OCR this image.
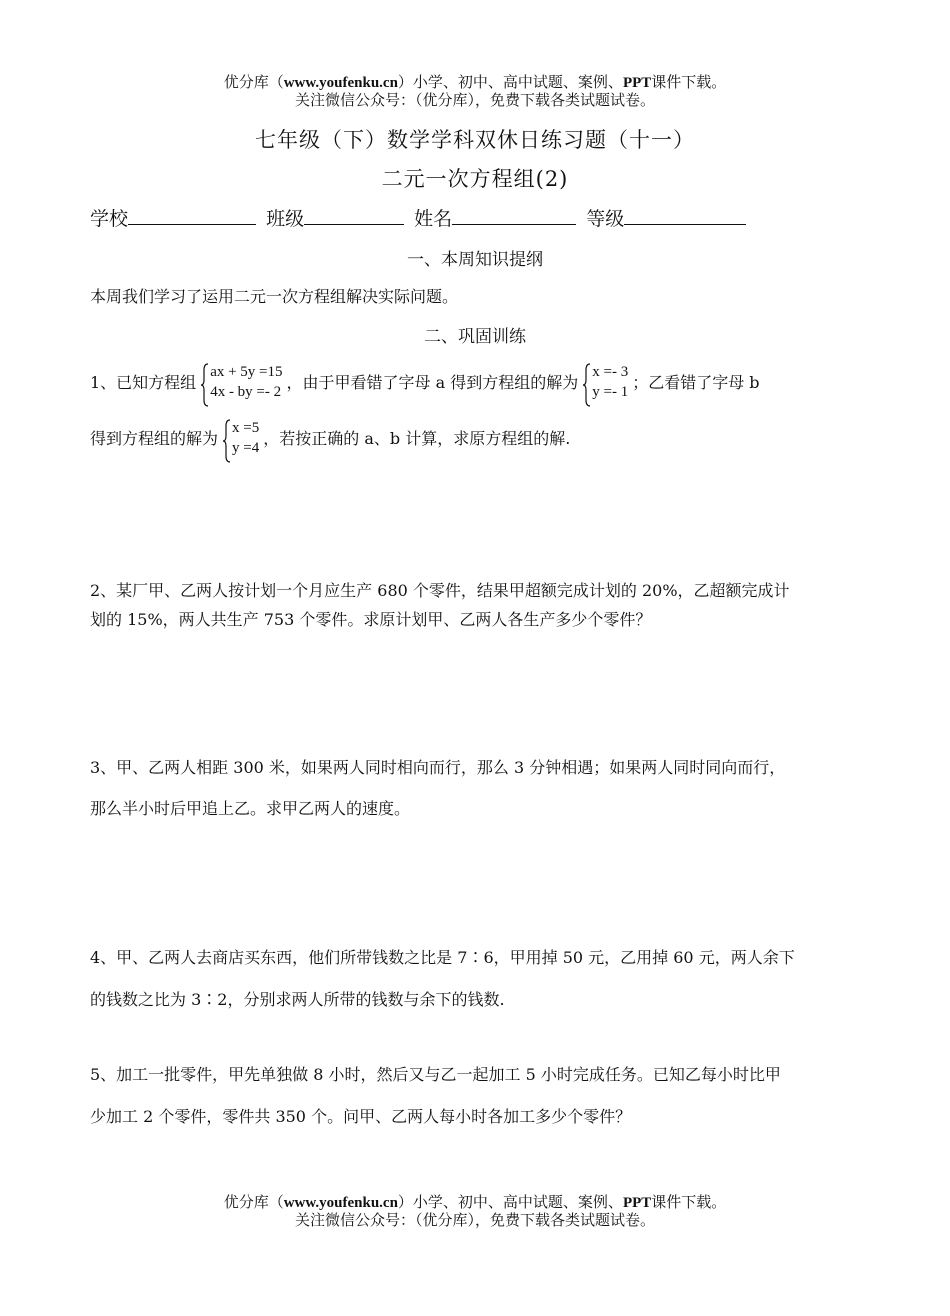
优分库（www.youfenku.cn）小学、初中、高中试题、案例、PPT课件下载。
关注微信公众号：（优分库），免费下载各类试题试卷。
七年级（下）数学学科双休日练习题（十一）
二元一次方程组(2)
学校	班级	姓名	等级
一、本周知识提纲
本周我们学习了运用二元一次方程组解决实际问题。
二、巩固训练
1、已知方程组
ax + 5y =15
4x - by =- 2 ，由于甲看错了字母 a 得到方程组的解为
x =- 3
y =- 1 ；乙看错了字母 b
得到方程组的解为
x =5
y =4 ，若按正确的 a、b 计算，求原方程组的解.
2、某厂甲、乙两人按计划一个月应生产 680 个零件，结果甲超额完成计划的 20%，乙超额完成计
划的 15%，两人共生产 753 个零件。求原计划甲、乙两人各生产多少个零件？
3、甲、乙两人相距 300 米，如果两人同时相向而行，那么 3 分钟相遇；如果两人同时同向而行，
那么半小时后甲追上乙。求甲乙两人的速度。
4、甲、乙两人去商店买东西，他们所带钱数之比是 7∶6，甲用掉 50 元，乙用掉 60 元，两人余下
的钱数之比为 3∶2，分别求两人所带的钱数与余下的钱数.
5、加工一批零件，甲先单独做 8 小时，然后又与乙一起加工 5 小时完成任务。已知乙每小时比甲
少加工 2 个零件，零件共 350 个。问甲、乙两人每小时各加工多少个零件？
优分库（www.youfenku.cn）小学、初中、高中试题、案例、PPT课件下载。
关注微信公众号：（优分库），免费下载各类试题试卷。
